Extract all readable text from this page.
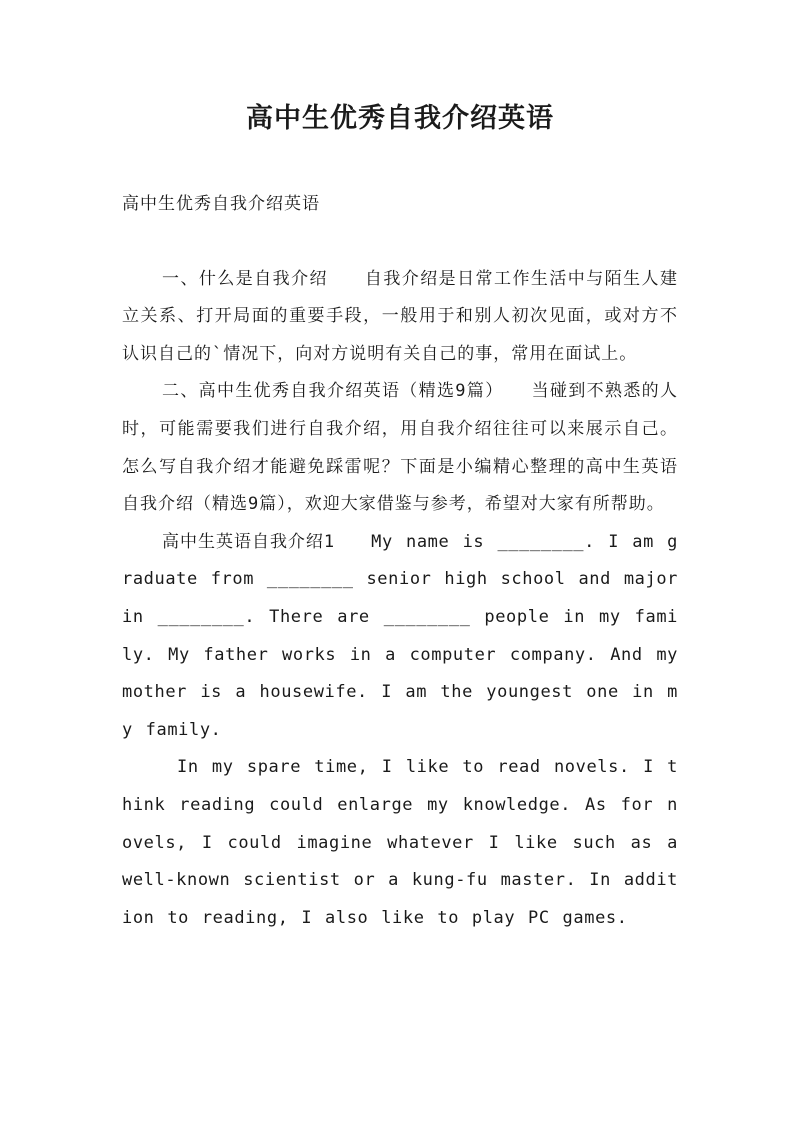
高中生优秀自我介绍英语

高中生优秀自我介绍英语

一、什么是自我介绍　　自我介绍是日常工作生活中与陌生人建立关系、打开局面的重要手段，一般用于和别人初次见面，或对方不认识自己的`情况下，向对方说明有关自己的事，常用在面试上。

二、高中生优秀自我介绍英语（精选9篇）　　当碰到不熟悉的人时，可能需要我们进行自我介绍，用自我介绍往往可以来展示自己。怎么写自我介绍才能避免踩雷呢？下面是小编精心整理的高中生英语自我介绍（精选9篇），欢迎大家借鉴与参考，希望对大家有所帮助。

高中生英语自我介绍1　　My name is ________. I am graduate from ________ senior high school and major in ________. There are ________ people in my family. My father works in a computer company. And my mother is a housewife. I am the youngest one in my family.

In my spare time, I like to read novels. I think reading could enlarge my knowledge. As for novels, I could imagine whatever I like such as a well-known scientist or a kung-fu master. In addition to reading, I also like to play PC games.
